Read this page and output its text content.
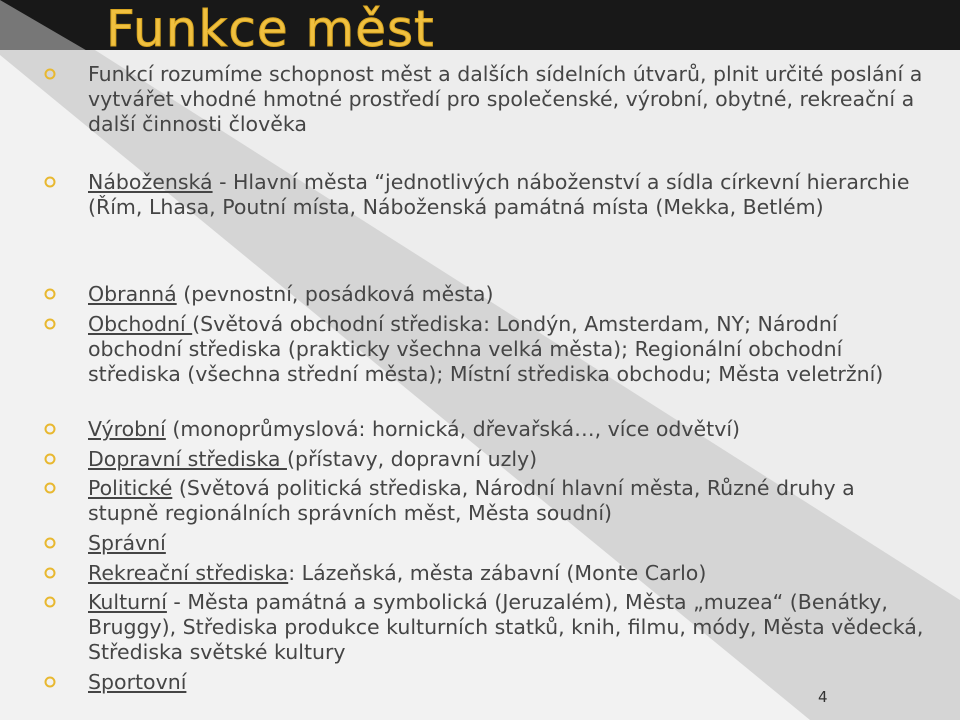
Funkce měst
Funkcí rozumíme schopnost měst a dalších sídelních útvarů, plnit určité poslání a vytvářet vhodné hmotné prostředí pro společenské, výrobní, obytné, rekreační a další činnosti člověka
Náboženská - Hlavní města “jednotlivých náboženství a sídla církevní hierarchie (Řím, Lhasa, Poutní místa, Náboženská památná místa (Mekka, Betlém)
Obranná (pevnostní, posádková města)
Obchodní (Světová obchodní střediska: Londýn, Amsterdam, NY; Národní obchodní střediska (prakticky všechna velká města); Regionální obchodní střediska (všechna střední města); Místní střediska obchodu; Města veletržní)
Výrobní (monoprůmyslová: hornická, dřevařská…, více odvětví)
Dopravní střediska (přístavy, dopravní uzly)
Politické (Světová politická střediska, Národní hlavní města, Různé druhy a stupně regionálních správních měst, Města soudní)
Správní
Rekreační střediska: Lázeňská, města zábavní (Monte Carlo)
Kulturní - Města památná a symbolická (Jeruzalém), Města „muzea“ (Benátky, Bruggy), Střediska produkce kulturních statků, knih, filmu, módy, Města vědecká, Střediska světské kultury
Sportovní
4
